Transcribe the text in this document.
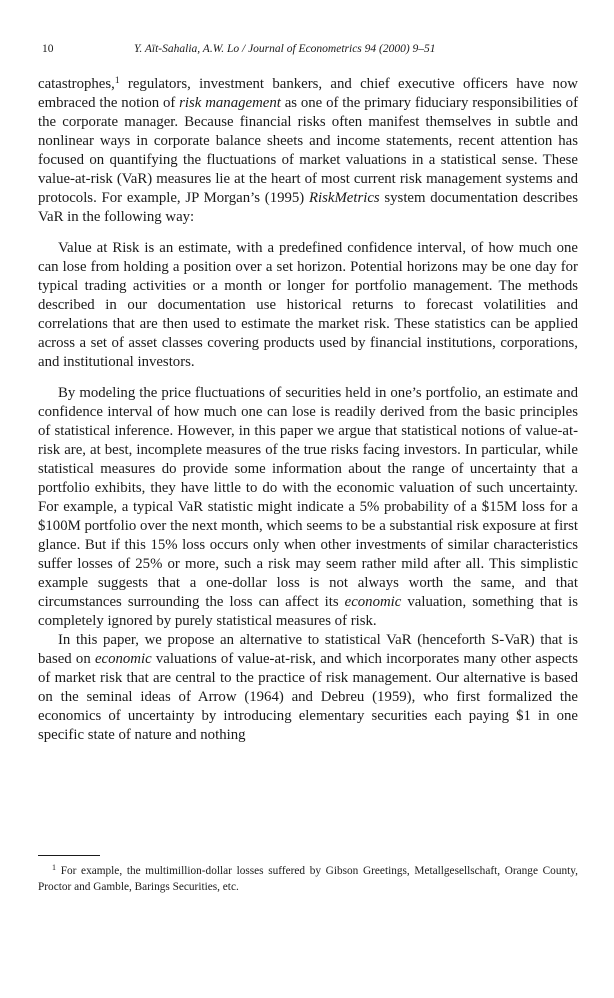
10	Y. Aït-Sahalia, A.W. Lo / Journal of Econometrics 94 (2000) 9–51

catastrophes,$^1$ regulators, investment bankers, and chief executive officers have now embraced the notion of risk management as one of the primary fiduciary responsibilities of the corporate manager. Because financial risks often manifest themselves in subtle and nonlinear ways in corporate balance sheets and income statements, recent attention has focused on quantifying the fluctuations of market valuations in a statistical sense. These value-at-risk (VaR) measures lie at the heart of most current risk management systems and protocols. For example, JP Morgan’s (1995) RiskMetrics system documentation describes VaR in the following way:

Value at Risk is an estimate, with a predefined confidence interval, of how much one can lose from holding a position over a set horizon. Potential horizons may be one day for typical trading activities or a month or longer for portfolio management. The methods described in our documentation use historical returns to forecast volatilities and correlations that are then used to estimate the market risk. These statistics can be applied across a set of asset classes covering products used by financial institutions, corporations, and institutional investors.

By modeling the price fluctuations of securities held in one’s portfolio, an estimate and confidence interval of how much one can lose is readily derived from the basic principles of statistical inference. However, in this paper we argue that statistical notions of value-at-risk are, at best, incomplete measures of the true risks facing investors. In particular, while statistical measures do provide some information about the range of uncertainty that a portfolio exhibits, they have little to do with the economic valuation of such uncertainty. For example, a typical VaR statistic might indicate a 5% probability of a $15M loss for a $100M portfolio over the next month, which seems to be a substantial risk exposure at first glance. But if this 15% loss occurs only when other investments of similar characteristics suffer losses of 25% or more, such a risk may seem rather mild after all. This simplistic example suggests that a one-dollar loss is not always worth the same, and that circumstances surrounding the loss can affect its economic valuation, something that is completely ignored by purely statistical measures of risk.

In this paper, we propose an alternative to statistical VaR (henceforth S-VaR) that is based on economic valuations of value-at-risk, and which incorporates many other aspects of market risk that are central to the practice of risk management. Our alternative is based on the seminal ideas of Arrow (1964) and Debreu (1959), who first formalized the economics of uncertainty by introducing elementary securities each paying $1 in one specific state of nature and nothing

$^1$ For example, the multimillion-dollar losses suffered by Gibson Greetings, Metallgesellschaft, Orange County, Proctor and Gamble, Barings Securities, etc.
